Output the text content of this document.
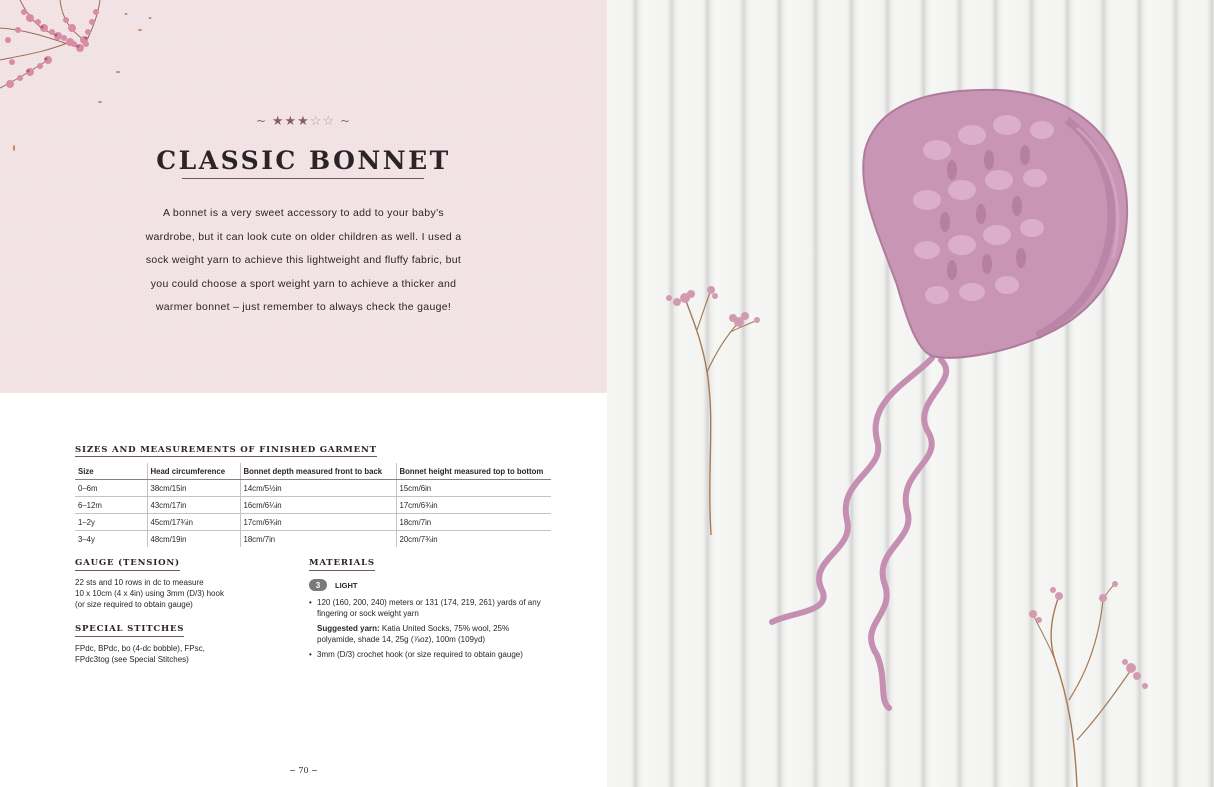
~ ★★★☆☆ ~
CLASSIC BONNET
A bonnet is a very sweet accessory to add to your baby’s
wardrobe, but it can look cute on older children as well. I used a
sock weight yarn to achieve this lightweight and fluffy fabric, but
you could choose a sport weight yarn to achieve a thicker and
warmer bonnet – just remember to always check the gauge!
SIZES AND MEASUREMENTS OF FINISHED GARMENT
Size	Head circumference	Bonnet depth measured front to back	Bonnet height measured top to bottom
0–6m	38cm/15in	14cm/5½in	15cm/6in
6–12m	43cm/17in	16cm/6¼in	17cm/6¾in
1–2y	45cm/17¾in	17cm/6¾in	18cm/7in
3–4y	48cm/19in	18cm/7in	20cm/7¾in
GAUGE (TENSION)

22 sts and 10 rows in dc to measure
10 x 10cm (4 x 4in) using 3mm (D/3) hook
(or size required to obtain gauge)

SPECIAL STITCHES

FPdc, BPdc, bo (4-dc bobble), FPsc,
FPdc3tog (see Special Stitches)

MATERIALS
3	LIGHT
• 120 (160, 200, 240) meters or 131 (174, 219, 261) yards of any
fingering or sock weight yarn
Suggested yarn: Katia United Socks, 75% wool, 25%
polyamide, shade 14, 25g (⅞oz), 100m (109yd)
• 3mm (D/3) crochet hook (or size required to obtain gauge)
~ 70 ~
